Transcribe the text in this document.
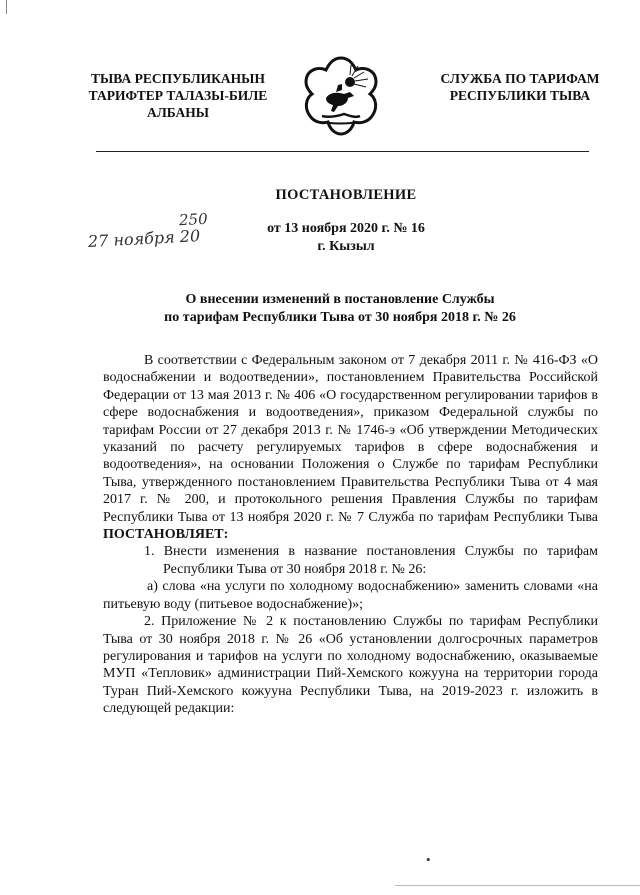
ТЫВА РЕСПУБЛИКАНЫН
ТАРИФТЕР ТАЛАЗЫ-БИЛЕ
АЛБАНЫ
СЛУЖБА ПО ТАРИФАМ
РЕСПУБЛИКИ ТЫВА
ПОСТАНОВЛЕНИЕ
от 13 ноября 2020 г. № 16
г. Кызыл
27 ноября 20
250
О внесении изменений в постановление Службы
по тарифам Республики Тыва от 30 ноября 2018 г. № 26

В соответствии с Федеральным законом от 7 декабря 2011 г. № 416-ФЗ «О водоснабжении и водоотведении», постановлением Правительства Российской Федерации от 13 мая 2013 г. № 406 «О государственном регулировании тарифов в сфере водоснабжения и водоотведения», приказом Федеральной службы по тарифам России от 27 декабря 2013 г. № 1746-э «Об утверждении Методических указаний по расчету регулируемых тарифов в сфере водоснабжения и водоотведения», на основании Положения о Службе по тарифам Республики Тыва, утвержденного постановлением Правительства Республики Тыва от 4 мая 2017 г. № 200, и протокольного решения Правления Службы по тарифам Республики Тыва от 13 ноября 2020 г. № 7 Служба по тарифам Республики Тыва ПОСТАНОВЛЯЕТ:

1. Внести изменения в название постановления Службы по тарифам Республики Тыва от 30 ноября 2018 г. № 26:

а) слова «на услуги по холодному водоснабжению» заменить словами «на питьевую воду (питьевое водоснабжение)»;

2. Приложение № 2 к постановлению Службы по тарифам Республики Тыва от 30 ноября 2018 г. № 26 «Об установлении долгосрочных параметров регулирования и тарифов на услуги по холодному водоснабжению, оказываемые МУП «Тепловик» администрации Пий-Хемского кожууна на территории города Туран Пий-Хемского кожууна Республики Тыва, на 2019-2023 г. изложить в следующей редакции:

•
